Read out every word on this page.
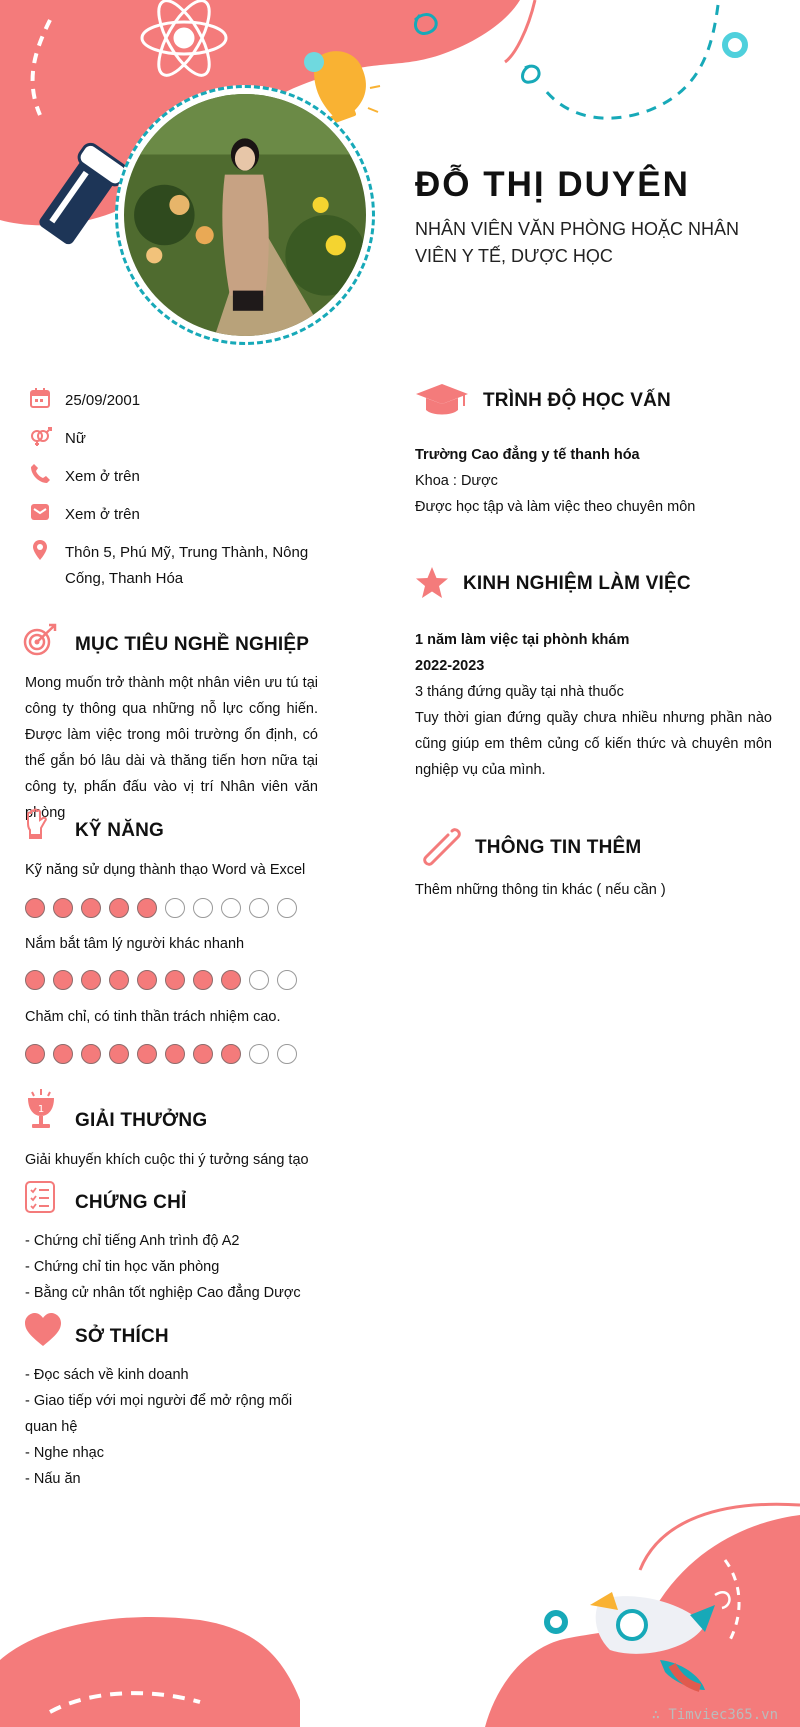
ĐỖ THỊ DUYÊN
NHÂN VIÊN VĂN PHÒNG HOẶC NHÂN VIÊN Y TẾ, DƯỢC HỌC
25/09/2001
Nữ
Xem ở trên
Xem ở trên
Thôn 5, Phú Mỹ, Trung Thành, Nông Cống, Thanh Hóa
MỤC TIÊU NGHỀ NGHIỆP
Mong muốn trở thành một nhân viên ưu tú tại công ty thông qua những nỗ lực cống hiến. Được làm việc trong môi trường ổn định, có thể gắn bó lâu dài và thăng tiến hơn nữa tại công ty, phấn đấu vào vị trí Nhân viên văn phòng
KỸ NĂNG
Kỹ năng sử dụng thành thạo Word và Excel
Nắm bắt tâm lý người khác nhanh
Chăm chỉ, có tinh thần trách nhiệm cao.
1
GIẢI THƯỞNG
Giải khuyến khích cuộc thi ý tưởng sáng tạo
CHỨNG CHỈ
- Chứng chỉ tiếng Anh trình độ A2
- Chứng chỉ tin học văn phòng
- Bằng cử nhân tốt nghiệp Cao đẳng Dược
SỞ THÍCH
- Đọc sách về kinh doanh
- Giao tiếp với mọi người để mở rộng mối quan hệ
- Nghe nhạc
- Nấu ăn
TRÌNH ĐỘ HỌC VẤN
Trường Cao đẳng y tế thanh hóa
Khoa : Dược
Được học tập và làm việc theo chuyên môn
KINH NGHIỆM LÀM VIỆC
1 năm làm việc tại phònh khám
2022-2023
3 tháng đứng quầy tại nhà thuốc
Tuy thời gian đứng quầy chưa nhiều nhưng phần nào cũng giúp em thêm củng cố kiến thức và chuyên môn nghiệp vụ của mình.
THÔNG TIN THÊM
Thêm những thông tin khác ( nếu cần )
∴ Timviec365.vn
